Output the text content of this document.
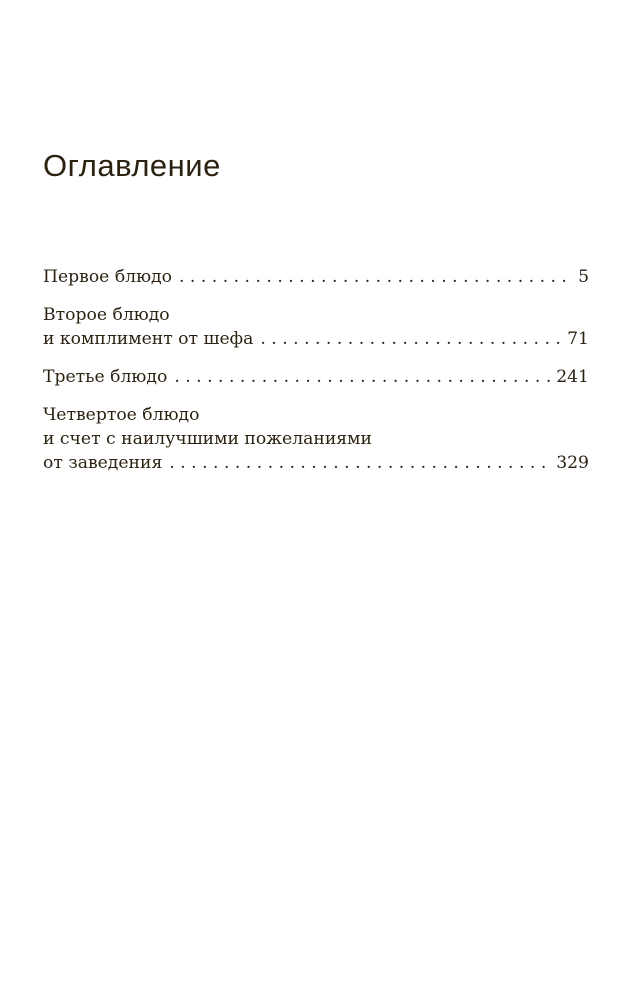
Оглавление
Первое блюдо . . .	5
Второе блюдо
и комплимент от шефа . . .	71
Третье блюдо . . .	241
Четвертое блюдо
и счет с наилучшими пожеланиями
от заведения . . .	329
